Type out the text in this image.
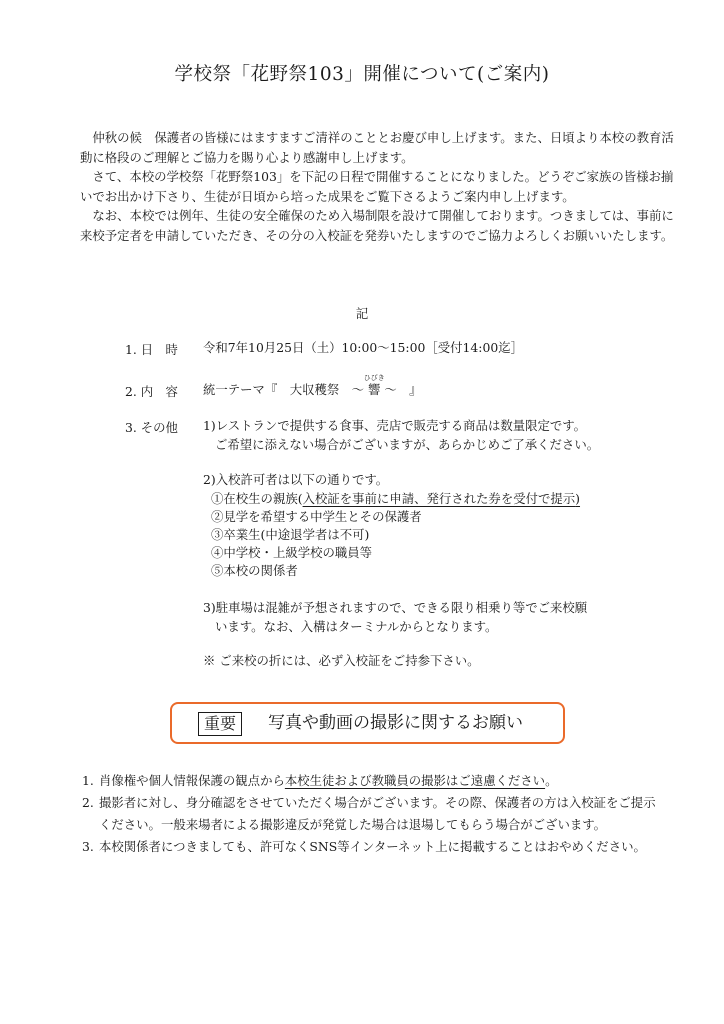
学校祭「花野祭103」開催について(ご案内)

仲秋の候　保護者の皆様にはますますご清祥のこととお慶び申し上げます。また、日頃より本校の教育活動に格段のご理解とご協力を賜り心より感謝申し上げます。

さて、本校の学校祭「花野祭103」を下記の日程で開催することになりました。どうぞご家族の皆様お揃いでお出かけ下さり、生徒が日頃から培った成果をご覧下さるようご案内申し上げます。

なお、本校では例年、生徒の安全確保のため入場制限を設けて開催しております。つきましては、事前に来校予定者を申請していただき、その分の入校証を発券いたしますのでご協力よろしくお願いいたします。

記
1. 日　時 令和7年10月25日（土）10:00～15:00［受付14:00迄］
2. 内　容 統一テーマ『　大収穫祭　～
ひびき
響 ～　』
3. その他 1)レストランで提供する食事、売店で販売する商品は数量限定です。
ご希望に添えない場合がございますが、あらかじめご了承ください。
2)入校許可者は以下の通りです。
①在校生の親族(入校証を事前に申請、発行された券を受付で提示)
②見学を希望する中学生とその保護者
③卒業生(中途退学者は不可)
④中学校・上級学校の職員等
⑤本校の関係者
3)駐車場は混雑が予想されますので、できる限り相乗り等でご来校願
います。なお、入構はターミナルからとなります。
※ ご来校の折には、必ず入校証をご持参下さい。
重要	写真や動画の撮影に関するお願い
1. 肖像権や個人情報保護の観点から本校生徒および教職員の撮影はご遠慮ください。
2. 撮影者に対し、身分確認をさせていただく場合がございます。その際、保護者の方は入校証をご提示ください。一般来場者による撮影違反が発覚した場合は退場してもらう場合がございます。
3. 本校関係者につきましても、許可なくSNS等インターネット上に掲載することはおやめください。
